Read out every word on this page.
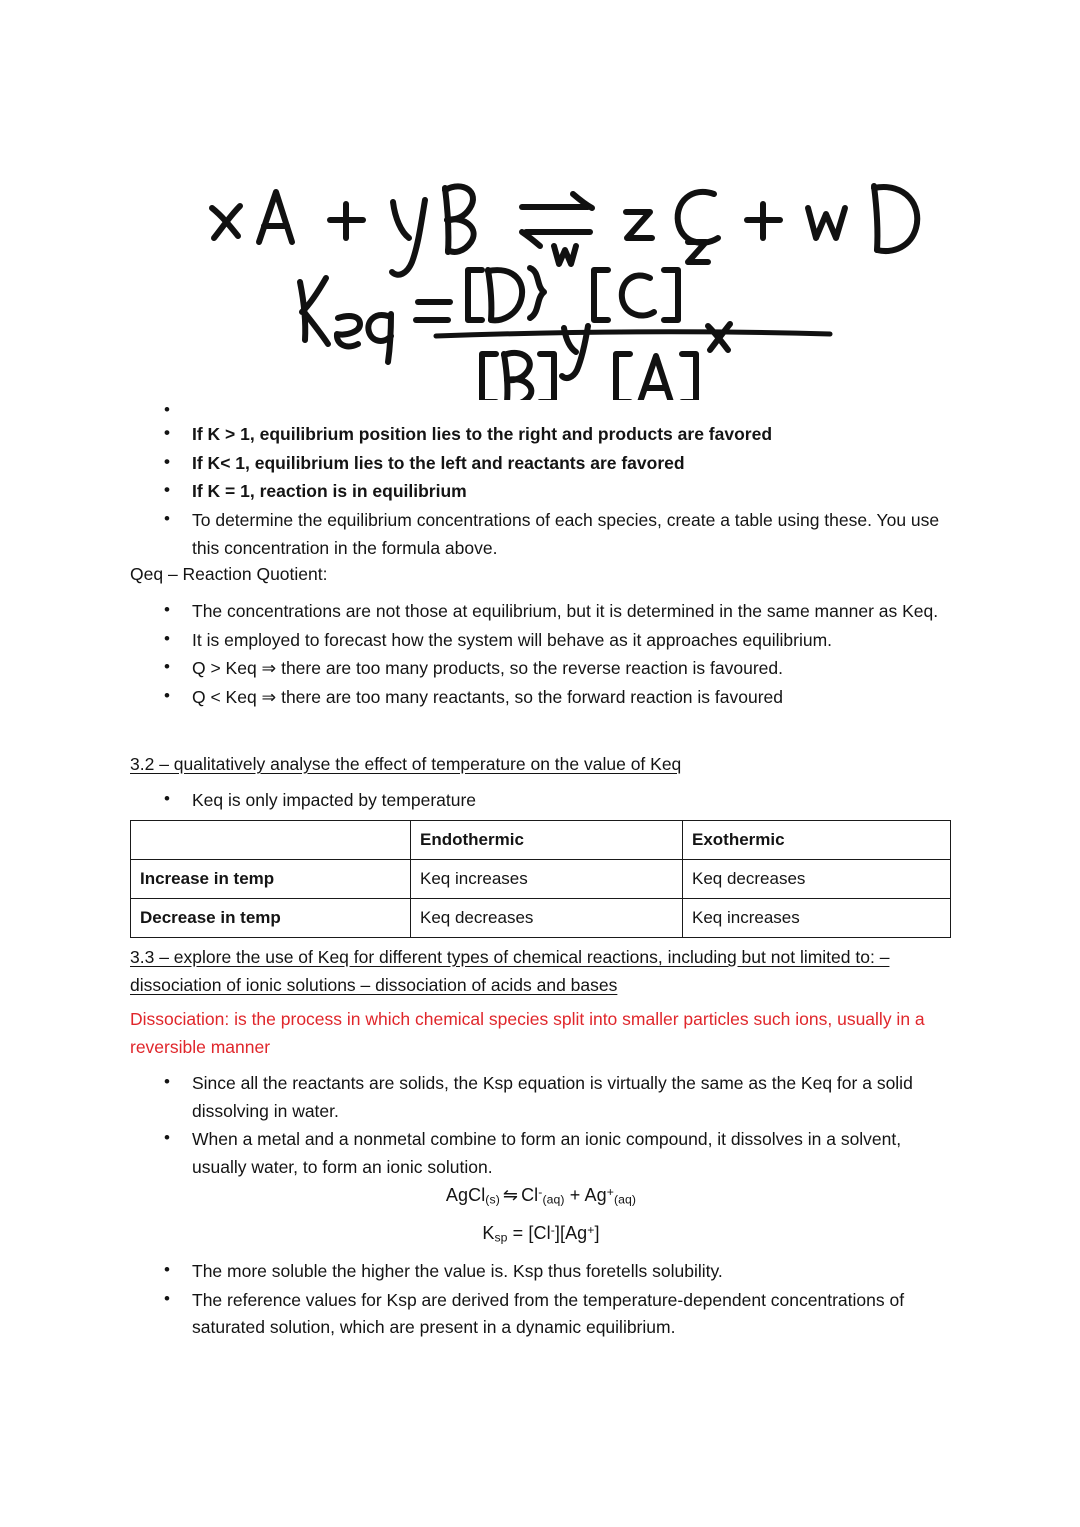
•
• If K > 1, equilibrium position lies to the right and products are favored
• If K< 1, equilibrium lies to the left and reactants are favored
• If K = 1, reaction is in equilibrium
• To determine the equilibrium concentrations of each species, create a table using these. You use this concentration in the formula above.
Qeq – Reaction Quotient:
• The concentrations are not those at equilibrium, but it is determined in the same manner as Keq.
• It is employed to forecast how the system will behave as it approaches equilibrium.
• Q > Keq ⇒ there are too many products, so the reverse reaction is favoured.
• Q < Keq ⇒ there are too many reactants, so the forward reaction is favoured
3.2 – qualitatively analyse the effect of temperature on the value of Keq
• Keq is only impacted by temperature
	Endothermic	Exothermic
Increase in temp	Keq increases	Keq decreases
Decrease in temp	Keq decreases	Keq increases
3.3 – explore the use of Keq for different types of chemical reactions, including but not limited to: – dissociation of ionic solutions – dissociation of acids and bases
Dissociation: is the process in which chemical species split into smaller particles such ions, usually in a reversible manner
• Since all the reactants are solids, the Ksp equation is virtually the same as the Keq for a solid dissolving in water.
• When a metal and a nonmetal combine to form an ionic compound, it dissolves in a solvent, usually water, to form an ionic solution.
AgCl$_{(s)}$ ⇋ $Cl^-_{(aq)} + Ag^+_{(aq)}$
$K_{sp} = [Cl^-][Ag^+]$
• The more soluble the higher the value is. Ksp thus foretells solubility.
• The reference values for Ksp are derived from the temperature-dependent concentrations of saturated solution, which are present in a dynamic equilibrium.
